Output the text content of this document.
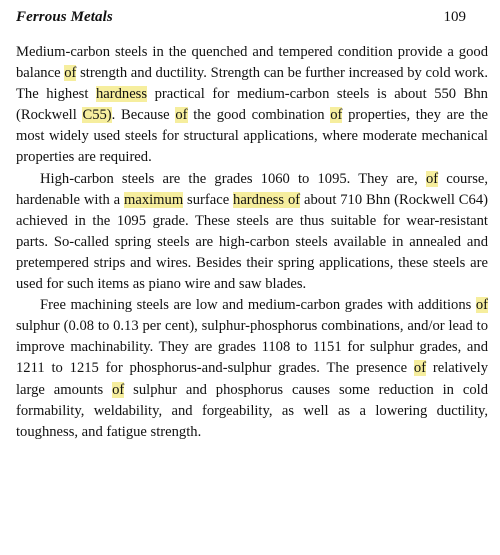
Ferrous Metals	109

Medium-carbon steels in the quenched and tempered condition provide a good balance of strength and ductility. Strength can be further increased by cold work. The highest hardness practical for medium-carbon steels is about 550 Bhn (Rockwell C55). Because of the good combination of properties, they are the most widely used steels for structural applications, where moderate mechanical properties are required.

High-carbon steels are the grades 1060 to 1095. They are, of course, hardenable with a maximum surface hardness of about 710 Bhn (Rockwell C64) achieved in the 1095 grade. These steels are thus suitable for wear-resistant parts. So-called spring steels are high-carbon steels available in annealed and pretempered strips and wires. Besides their spring applications, these steels are used for such items as piano wire and saw blades.

Free machining steels are low and medium-carbon grades with additions of sulphur (0.08 to 0.13 per cent), sulphur-phosphorus combinations, and/or lead to improve machinability. They are grades 1108 to 1151 for sulphur grades, and 1211 to 1215 for phosphorus-and-sulphur grades. The presence of relatively large amounts of sulphur and phosphorus causes some reduction in cold formability, weldability, and forgeability, as well as a lowering ductility, toughness, and fatigue strength.
